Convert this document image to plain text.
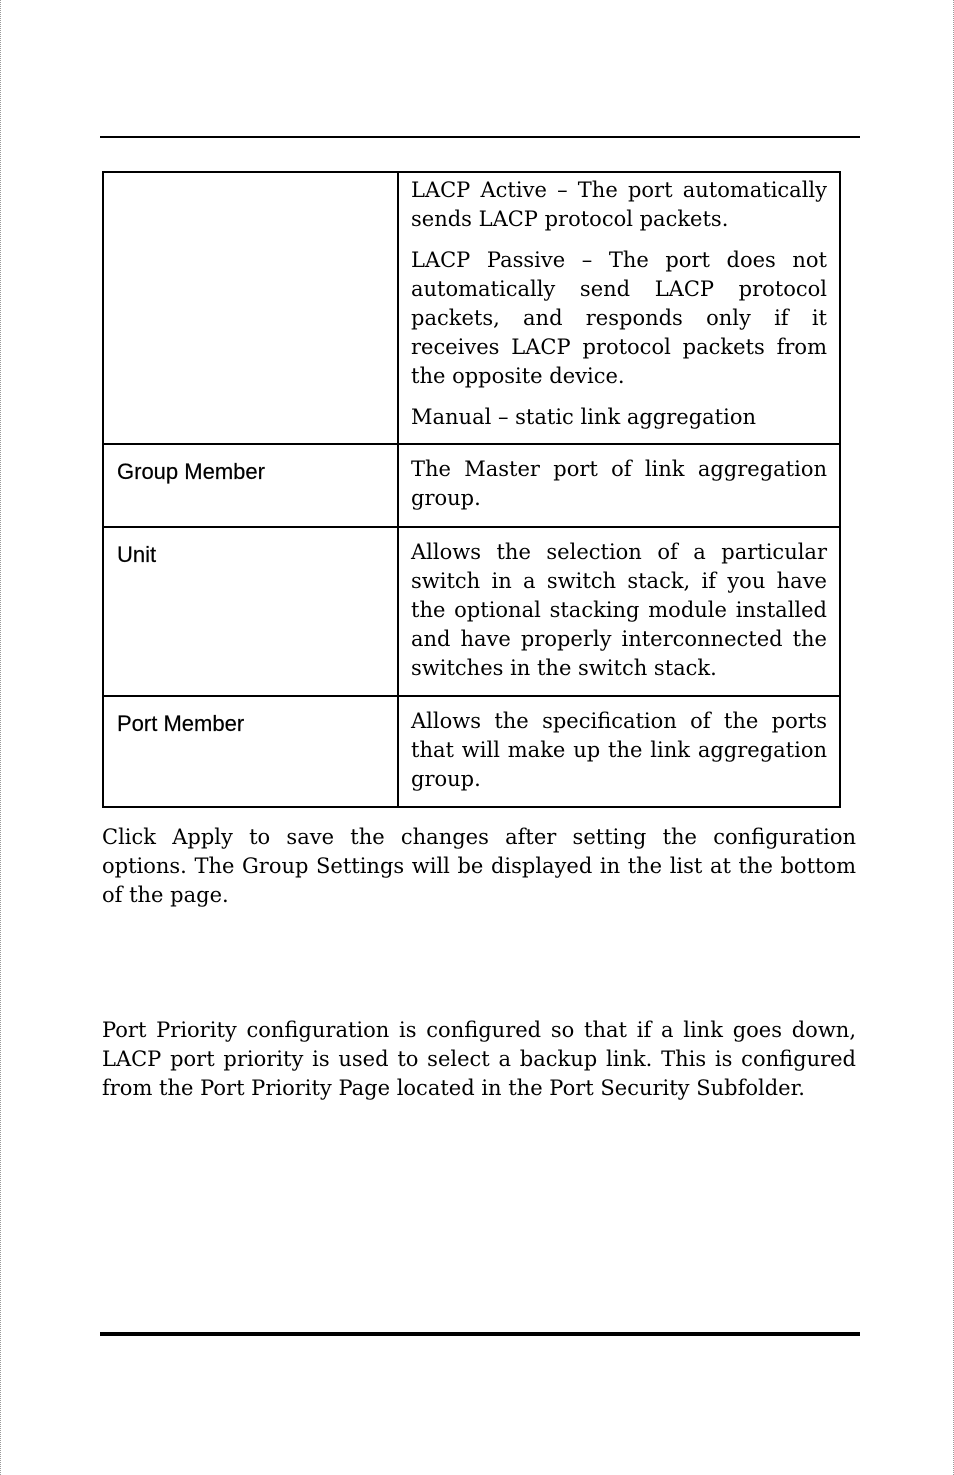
	LACP Active – The port automatically sends LACP protocol packets.

LACP Passive – The port does not automatically send LACP protocol packets, and responds only if it receives LACP protocol packets from the opposite device.

Manual – static link aggregation

Group Member	The Master port of link aggregation group.

Unit	Allows the selection of a particular switch in a switch stack, if you have the optional stacking module installed and have properly interconnected the switches in the switch stack.

Port Member	Allows the specification of the ports that will make up the link aggregation group.

Click Apply to save the changes after setting the configuration options. The Group Settings will be displayed in the list at the bottom of the page.

Port Priority configuration is configured so that if a link goes down, LACP port priority is used to select a backup link. This is configured from the Port Priority Page located in the Port Security Subfolder.
